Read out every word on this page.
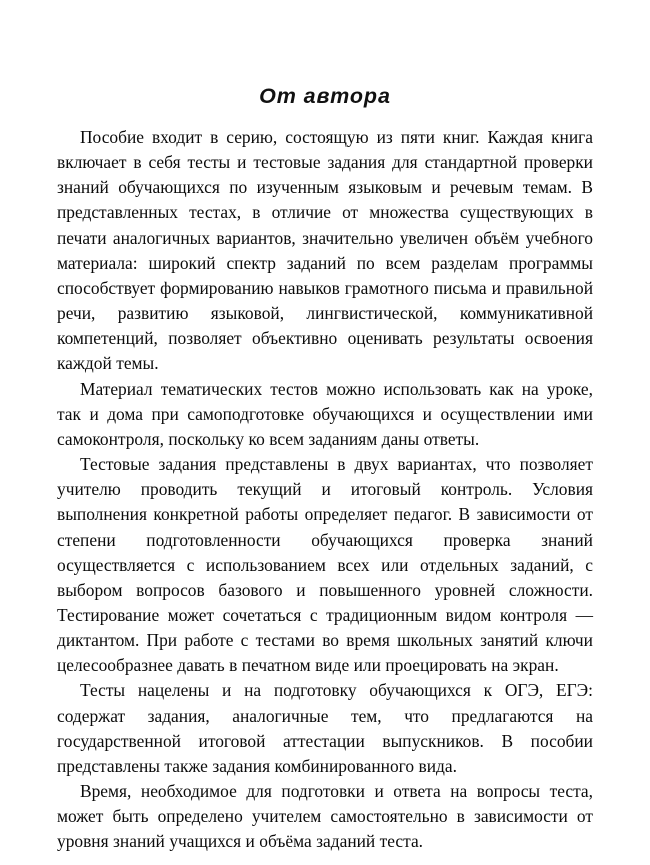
От автора

Пособие входит в серию, состоящую из пяти книг. Каждая книга включает в себя тесты и тестовые задания для стандартной проверки знаний обучающихся по изученным языковым и речевым темам. В представленных тестах, в отличие от множества существующих в печати аналогичных вариантов, значительно увеличен объём учебного материала: широкий спектр заданий по всем разделам программы способствует формированию навыков грамотного письма и правильной речи, развитию языковой, лингвистической, коммуникативной компетенций, позволяет объективно оценивать результаты освоения каждой темы.

Материал тематических тестов можно использовать как на уроке, так и дома при самоподготовке обучающихся и осуществлении ими самоконтроля, поскольку ко всем заданиям даны ответы.

Тестовые задания представлены в двух вариантах, что позволяет учителю проводить текущий и итоговый контроль. Условия выполнения конкретной работы определяет педагог. В зависимости от степени подготовленности обучающихся проверка знаний осуществляется с использованием всех или отдельных заданий, с выбором вопросов базового и повышенного уровней сложности. Тестирование может сочетаться с традиционным видом контроля — диктантом. При работе с тестами во время школьных занятий ключи целесообразнее давать в печатном виде или проецировать на экран.

Тесты нацелены и на подготовку обучающихся к ОГЭ, ЕГЭ: содержат задания, аналогичные тем, что предлагаются на государственной итоговой аттестации выпускников. В пособии представлены также задания комбинированного вида.

Время, необходимое для подготовки и ответа на вопросы теста, может быть определено учителем самостоятельно в зависимости от уровня знаний учащихся и объёма заданий теста.
